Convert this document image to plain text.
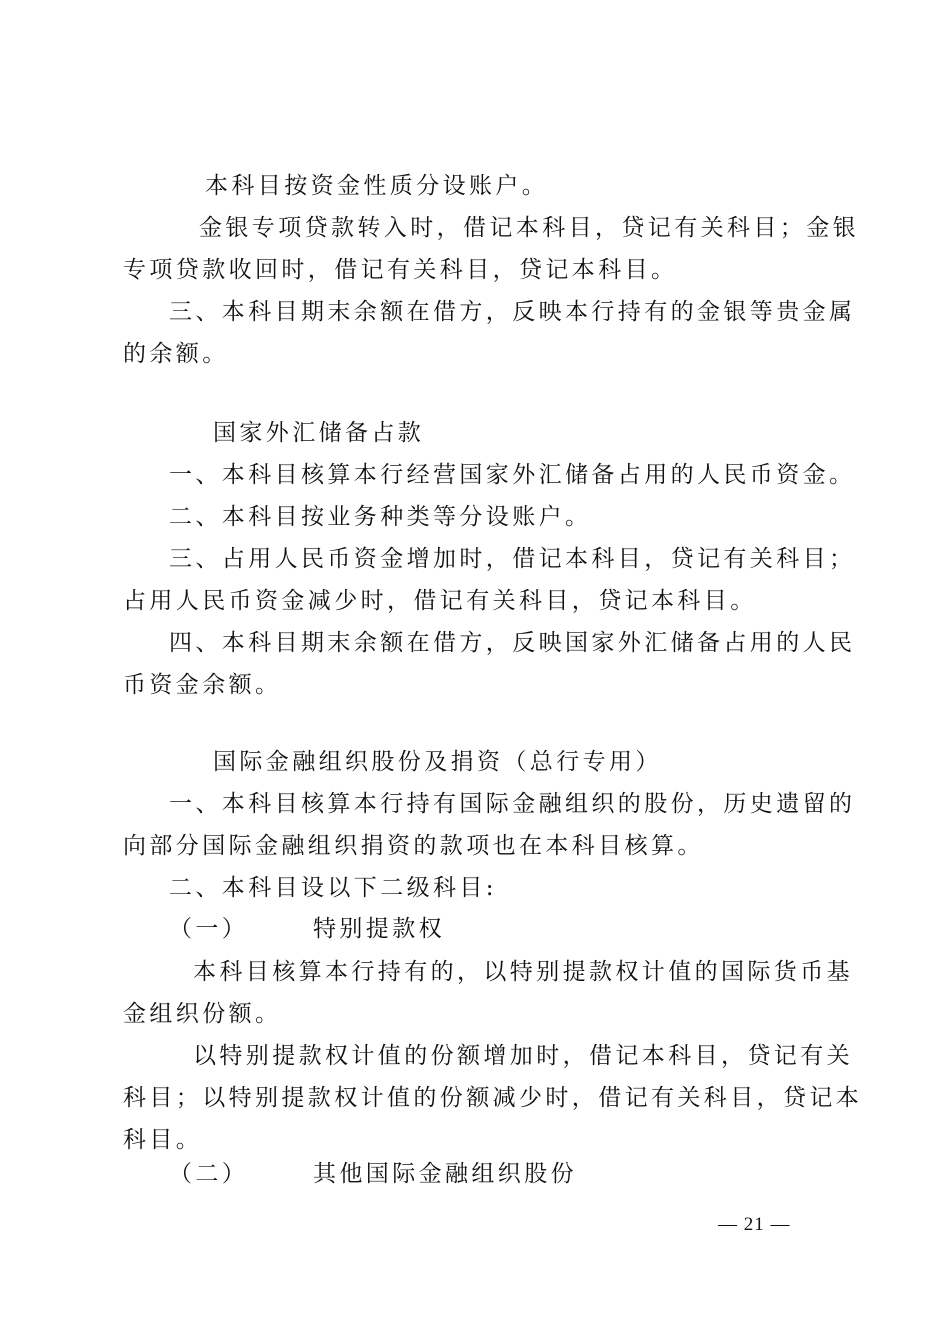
本科目按资金性质分设账户。
金银专项贷款转入时，借记本科目，贷记有关科目；金银
专项贷款收回时，借记有关科目，贷记本科目。
三、本科目期末余额在借方，反映本行持有的金银等贵金属
的余额。
国家外汇储备占款
一、本科目核算本行经营国家外汇储备占用的人民币资金。
二、本科目按业务种类等分设账户。
三、占用人民币资金增加时，借记本科目，贷记有关科目；
占用人民币资金减少时，借记有关科目，贷记本科目。
四、本科目期末余额在借方，反映国家外汇储备占用的人民
币资金余额。
国际金融组织股份及捐资（总行专用）
一、本科目核算本行持有国际金融组织的股份，历史遗留的
向部分国际金融组织捐资的款项也在本科目核算。
二、本科目设以下二级科目:
（一）	特别提款权
本科目核算本行持有的，以特别提款权计值的国际货币基
金组织份额。
以特别提款权计值的份额增加时，借记本科目，贷记有关
科目；以特别提款权计值的份额减少时，借记有关科目，贷记本
科目。
（二）	其他国际金融组织股份
— 21 —
